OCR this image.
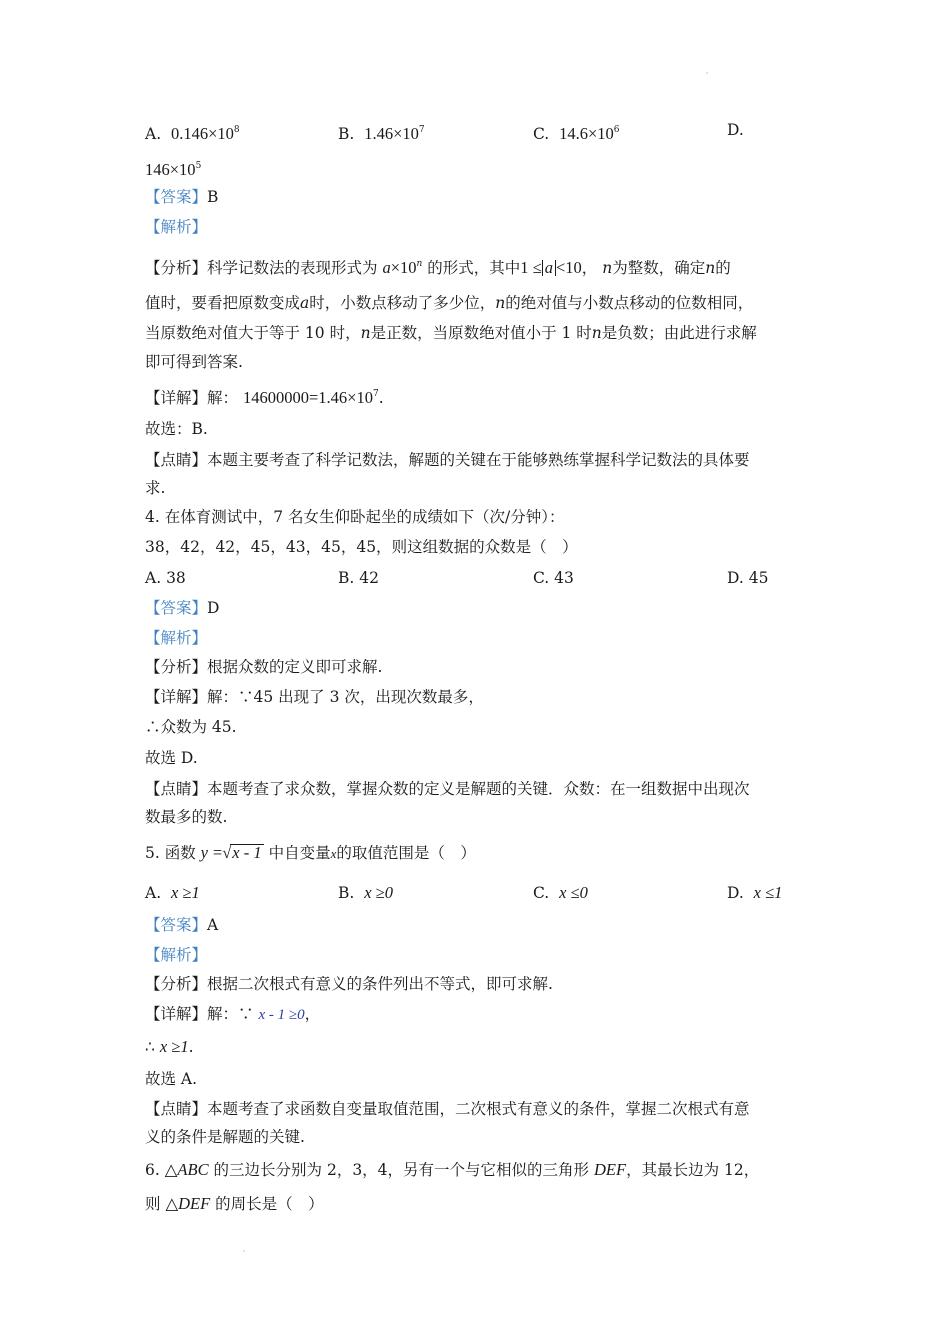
A. $0.146\times 10^8$	B. $1.46\times 10^7$	C. $14.6\times 10^6$	D.
$146\times 10^5$
【答案】B
【解析】
【分析】科学记数法的表现形式为 $a\times 10^n$ 的形式，其中1 ≤ a <10， n为整数，确定n的
值时，要看把原数变成a时，小数点移动了多少位，n的绝对值与小数点移动的位数相同，
当原数绝对值大于等于 10 时，n是正数，当原数绝对值小于 1 时n是负数；由此进行求解
即可得到答案.
【详解】解： $14600000=1.46\times 10^7$.
故选：B.
【点睛】本题主要考查了科学记数法，解题的关键在于能够熟练掌握科学记数法的具体要
求.
4. 在体育测试中，7 名女生仰卧起坐的成绩如下（次/分钟）：
38，42，42，45，43，45，45，则这组数据的众数是（　）
A. 38	B. 42	C. 43	D. 45
【答案】D
【解析】
【分析】根据众数的定义即可求解.
【详解】解：∵45 出现了 3 次，出现次数最多，
∴众数为 45.
故选 D.
【点睛】本题考查了求众数，掌握众数的定义是解题的关键．众数：在一组数据中出现次
数最多的数.
5. 函数 y =√x - 1 中自变量x的取值范围是（　）
A. x ≥1	B. x ≥0	C. x ≤0	D. x ≤1
【答案】A
【解析】
【分析】根据二次根式有意义的条件列出不等式，即可求解.
【详解】解：∵ x - 1 ≥0，
∴ x ≥1.
故选 A.
【点睛】本题考查了求函数自变量取值范围，二次根式有意义的条件，掌握二次根式有意
义的条件是解题的关键.
6. △ABC 的三边长分别为 2，3，4，另有一个与它相似的三角形 DEF，其最长边为 12，
则 △DEF 的周长是（　）
